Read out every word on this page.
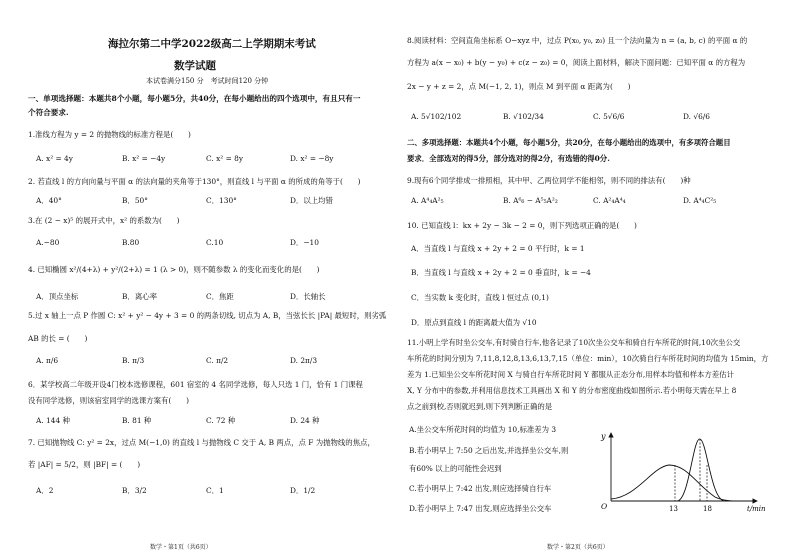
海拉尔第二中学2022级高二上学期期末考试
数学试题
本试卷满分150 分　考试时间120 分钟
一、单项选择题：本题共8个小题，每小题5分，共40分，在每小题给出的四个选项中，有且只有一
个符合要求.
1.准线方程为 y = 2 的抛物线的标准方程是(　　)
A. x² = 4y	B. x² = −4y	C. x² = 8y	D. x² = −8y
2. 若直线 l 的方向向量与平面 α 的法向量的夹角等于130°，则直线 l 与平面 α 的所成的角等于(　　)
A．40°	B．50°	C．130°	D．以上均错
3.在 (2 − x)⁵ 的展开式中，x² 的系数为(　　)
A.−80	B.80	C.10	D．−10
4. 已知椭圆 x²/(4+λ) + y²/(2+λ) = 1 (λ > 0)，则不随参数 λ 的变化而变化的是(　　)
A．顶点坐标	B．离心率	C．焦距	D．长轴长
5.过 x 轴上一点 P 作圆 C: x² + y² − 4y + 3 = 0 的两条切线, 切点为 A, B，当弦长长 |PA| 最短时，则劣弧
AB 的长 = (　　)
A. π/6	B. π/3	C. π/2	D. 2π/3
6．某学校高二年级开设4门校本选修课程，601 宿室的 4 名同学选修，每人只选 1 门，恰有 1 门课程
没有同学选修，则该宿室同学的选课方案有(　　)
A. 144 种	B. 81 种	C. 72 种	D. 24 种
7. 已知抛物线 C: y² = 2x，过点 M(−1,0) 的直线 l 与抛物线 C 交于 A, B 两点，点 F 为抛物线的焦点，
若 |AF| = 5/2，则 |BF| = (　　)
A．2	B．3/2	C．1	D．1/2
数学・第1页（共6页）
8.阅读材料：空间直角坐标系 O−xyz 中，过点 P(x₀, y₀, z₀) 且一个法向量为 n = (a, b, c) 的平面 α 的
方程为 a(x − x₀) + b(y − y₀) + c(z − z₀) = 0，阅读上面材料，解决下面问题：已知平面 α 的方程为
2x − y + z = 2，点 M(−1, 2, 1)，则点 M 到平面 α 距离为(　　)
A. 5√102/102	B. √102/34	C. 5√6/6	D. √6/6
二、多项选择题：本题共4个小题，每小题5分，共20分，在每小题给出的选项中，有多项符合题目
要求．全部选对的得5分，部分选对的得2分，有选错的得0分.
9.现有6个同学排成一排照相，其中甲、乙两位同学不能相邻，则不同的排法有(　　)种
A. A⁴₄A²₅	B. A⁶₆ − A⁵₅A²₂	C. A²₄A⁴₄	D. A⁴₄C²₅
10. 已知直线 l：kx + 2y − 3k − 2 = 0，则下列选项正确的是(　　)
A．当直线 l 与直线 x + 2y + 2 = 0 平行时，k = 1
B．当直线 l 与直线 x + 2y + 2 = 0 垂直时，k = −4
C．当实数 k 变化时，直线 l 恒过点 (0,1)
D．原点到直线 l 的距离最大值为 √10
11.小明上学有时坐公交车,有时骑自行车,他各记录了10次坐公交车和骑自行车所花的时间,10次坐公交
车所花的时间分别为 7,11,8,12,8,13,6,13,7,15（单位：min），10次骑自行车所花时间的均值为 15min，方
差为 1.已知坐公交车所花时间 X 与骑自行车所花时间 Y 都服从正态分布,用样本均值和样本方差估计
X, Y 分布中的参数,并利用信息技术工具画出 X 和 Y 的分布密度曲线如图所示.若小明每天需在早上 8
点之前到校,否则就迟到,则下列判断正确的是
A.坐公交车所花时间的均值为 10,标准差为 3
B.若小明早上 7:50 之后出发,并选择坐公交车,则
有60% 以上的可能性会迟到
C.若小明早上 7:42 出发,则应选择骑自行车
D.若小明早上 7:47 出发,则应选择坐公交车
y
O	13	18	t/min
数学・第2页（共6页）
